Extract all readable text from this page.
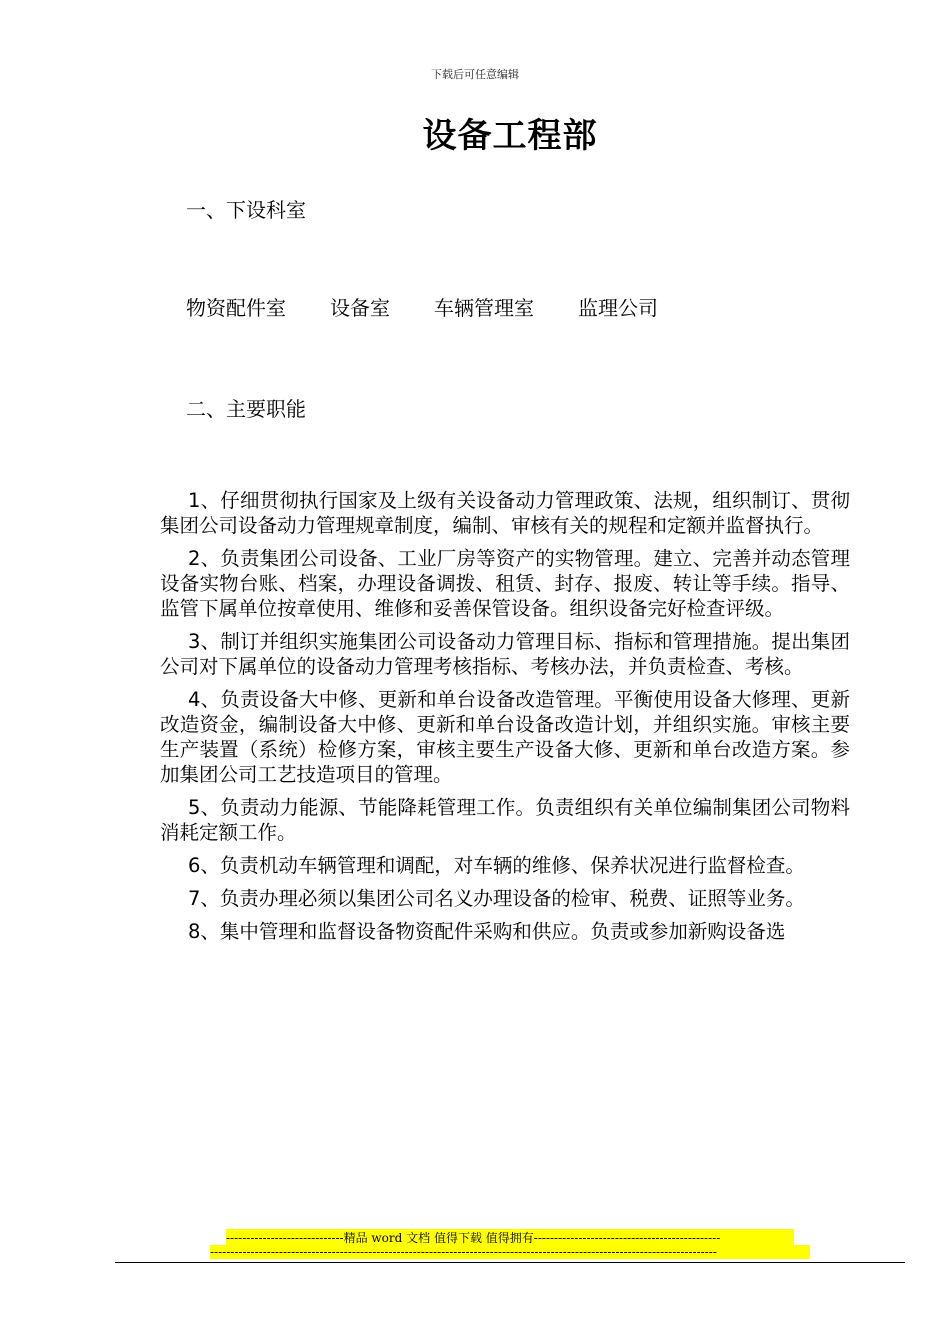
下载后可任意编辑
设备工程部
一、下设科室
物资配件室 设备室 车辆管理室 监理公司
二、主要职能

1、仔细贯彻执行国家及上级有关设备动力管理政策、法规，组织制订、贯彻集团公司设备动力管理规章制度，编制、审核有关的规程和定额并监督执行。

2、负责集团公司设备、工业厂房等资产的实物管理。建立、完善并动态管理设备实物台账、档案，办理设备调拨、租赁、封存、报废、转让等手续。指导、监管下属单位按章使用、维修和妥善保管设备。组织设备完好检查评级。

3、制订并组织实施集团公司设备动力管理目标、指标和管理措施。提出集团公司对下属单位的设备动力管理考核指标、考核办法，并负责检查、考核。

4、负责设备大中修、更新和单台设备改造管理。平衡使用设备大修理、更新改造资金，编制设备大中修、更新和单台设备改造计划，并组织实施。审核主要生产装置（系统）检修方案，审核主要生产设备大修、更新和单台改造方案。参加集团公司工艺技造项目的管理。

5、负责动力能源、节能降耗管理工作。负责组织有关单位编制集团公司物料消耗定额工作。

6、负责机动车辆管理和调配，对车辆的维修、保养状况进行监督检查。

7、负责办理必须以集团公司名义办理设备的检审、税费、证照等业务。

8、集中管理和监督设备物资配件采购和供应。负责或参加新购设备选

-----------------------------精品 word 文档 值得下载 值得拥有----------------------------------------------
-----------------------------------------------------------------------------------------------------------------------------
